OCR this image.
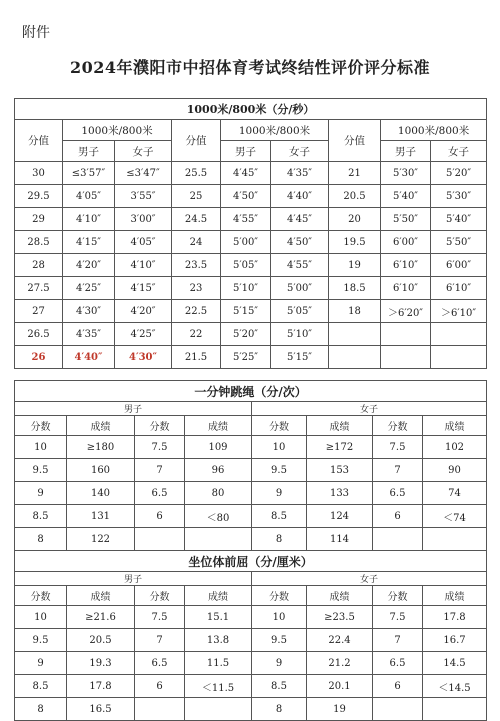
附件
2024年濮阳市中招体育考试终结性评价评分标准
1000米/800米（分/秒）								
分值	1000米/800米		分值	1000米/800米		分值	1000米/800米	
	男子	女子		男子	女子		男子	女子
30	≤3′57″	≤3′47″	25.5	4′45″	4′35″	21	5′30″	5′20″
29.5	4′05″	3′55″	25	4′50″	4′40″	20.5	5′40″	5′30″
29	4′10″	3′00″	24.5	4′55″	4′45″	20	5′50″	5′40″
28.5	4′15″	4′05″	24	5′00″	4′50″	19.5	6′00″	5′50″
28	4′20″	4′10″	23.5	5′05″	4′55″	19	6′10″	6′00″
27.5	4′25″	4′15″	23	5′10″	5′00″	18.5	6′10″	6′10″
27	4′30″	4′20″	22.5	5′15″	5′05″	18	＞6′20″	＞6′10″
26.5	4′35″	4′25″	22	5′20″	5′10″			
26	4′40″	4′30″	21.5	5′25″	5′15″			
一分钟跳绳（分/次）							
男子				女子			
分数	成绩	分数	成绩	分数	成绩	分数	成绩
10	≥180	7.5	109	10	≥172	7.5	102
9.5	160	7	96	9.5	153	7	90
9	140	6.5	80	9	133	6.5	74
8.5	131	6	＜80	8.5	124	6	＜74
8	122			8	114		
坐位体前屈（分/厘米）							
男子				女子			
分数	成绩	分数	成绩	分数	成绩	分数	成绩
10	≥21.6	7.5	15.1	10	≥23.5	7.5	17.8
9.5	20.5	7	13.8	9.5	22.4	7	16.7
9	19.3	6.5	11.5	9	21.2	6.5	14.5
8.5	17.8	6	＜11.5	8.5	20.1	6	＜14.5
8	16.5			8	19		
